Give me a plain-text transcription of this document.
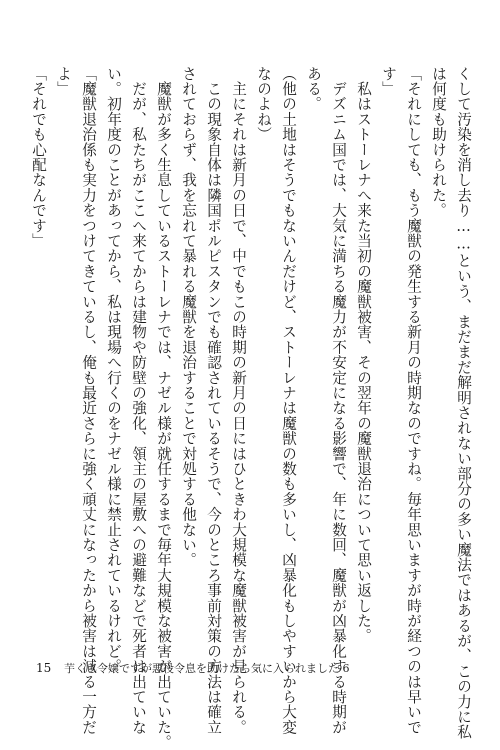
くして汚染を消し去り……という、まだまだ解明されない部分の多い魔法ではあるが、この力に私
は何度も助けられた。
「それにしても、もう魔獣の発生する新月の時期なのですね。毎年思いますが時が経つのは早いで
す」
　私はストーレナへ来た当初の魔獣被害、その翌年の魔獣退治について思い返した。
　デズニム国では、大気に満ちる魔力が不安定になる影響で、年に数回、魔獣が凶暴化する時期が
ある。
（他の土地はそうでもないんだけど、ストーレナは魔獣の数も多いし、凶暴化もしやすいから大変
なのよね）
　主にそれは新月の日で、中でもこの時期の新月の日にはひときわ大規模な魔獣被害が見られる。
　この現象自体は隣国ポルピスタンでも確認されているそうで、今のところ事前対策の方法は確立
されておらず、我を忘れて暴れる魔獣を退治することで対処する他ない。
　魔獣が多く生息しているストーレナでは、ナゼル様が就任するまで毎年大規模な被害が出ていた。
　だが、私たちがここへ来てからは建物や防壁の強化、領主の屋敷への避難などで死者は出ていな
い。初年度のことがあってから、私は現場へ行くのをナゼル様に禁止されているけれど。
「魔獣退治係も実力をつけてきているし、俺も最近さらに強く頑丈になったから被害は減る一方だ
よ」
「それでも心配なんです」
15 芋くさ令嬢ですが悪役令息を助けたら気に入られました 6
